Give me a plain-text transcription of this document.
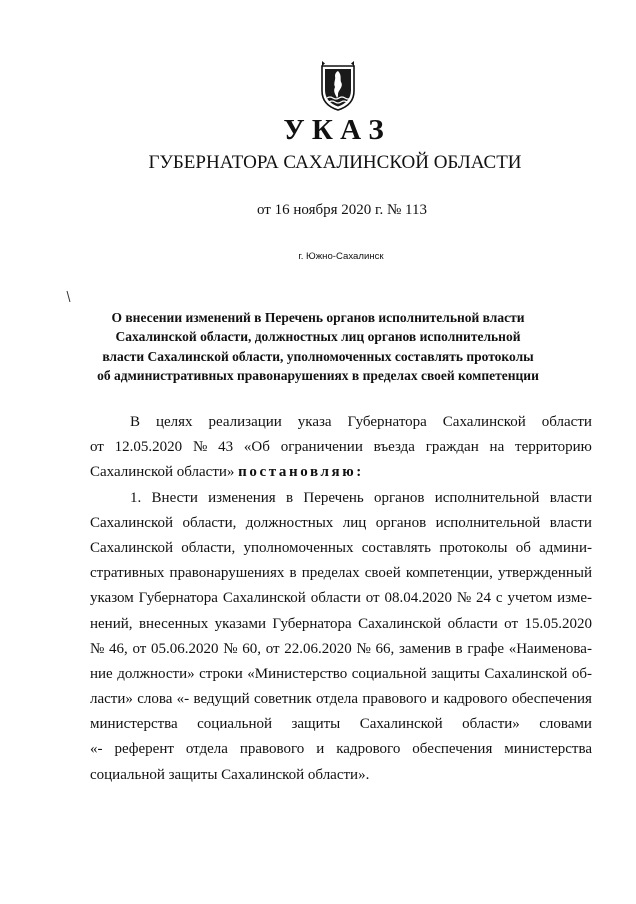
У К А З
ГУБЕРНАТОРА САХАЛИНСКОЙ ОБЛАСТИ
от 16 ноября 2020 г. № 113
г. Южно-Сахалинск
О внесении изменений в Перечень органов исполнительной власти
Сахалинской области, должностных лиц органов исполнительной
власти Сахалинской области, уполномоченных составлять протоколы
об административных правонарушениях в пределах своей компетенции
В целях реализации указа Губернатора Сахалинской области
от 12.05.2020 № 43 «Об ограничении въезда граждан на территорию
Сахалинской области» постановляю:
1. Внести изменения в Перечень органов исполнительной власти
Сахалинской области, должностных лиц органов исполнительной власти
Сахалинской области, уполномоченных составлять протоколы об админи-
стративных правонарушениях в пределах своей компетенции, утвержденный
указом Губернатора Сахалинской области от 08.04.2020 № 24 с учетом изме-
нений, внесенных указами Губернатора Сахалинской области от 15.05.2020
№ 46, от 05.06.2020 № 60, от 22.06.2020 № 66, заменив в графе «Наименова-
ние должности» строки «Министерство социальной защиты Сахалинской об-
ласти» слова «- ведущий советник отдела правового и кадрового обеспечения
министерства социальной защиты Сахалинской области» словами
«- референт отдела правового и кадрового обеспечения министерства
социальной защиты Сахалинской области».
